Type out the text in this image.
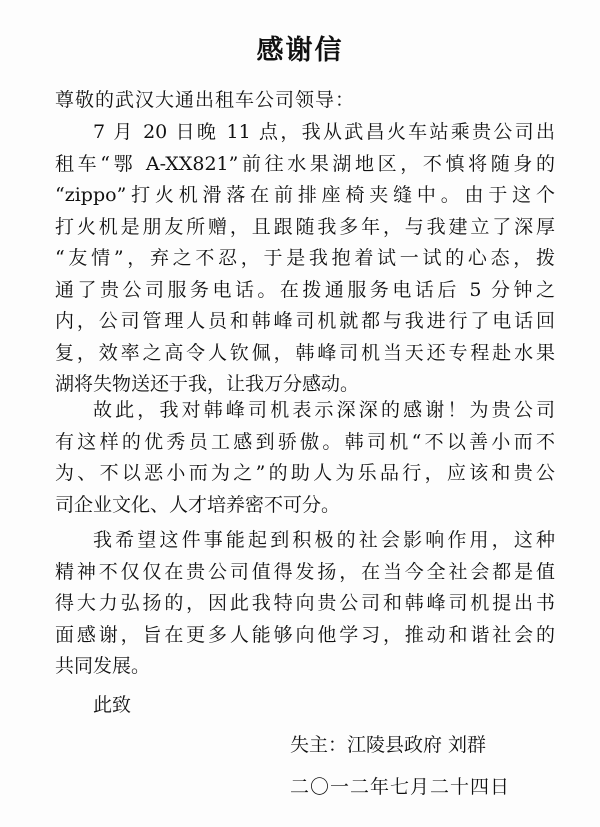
感谢信
尊敬的武汉大通出租车公司领导：
7 月 20 日晚 11 点，我从武昌火车站乘贵公司出
租车“鄂 A-XX821”前往水果湖地区，不慎将随身的
“zippo”打火机滑落在前排座椅夹缝中。由于这个
打火机是朋友所赠，且跟随我多年，与我建立了深厚
“友情”，弃之不忍，于是我抱着试一试的心态，拨
通了贵公司服务电话。在拨通服务电话后 5 分钟之
内，公司管理人员和韩峰司机就都与我进行了电话回
复，效率之高令人钦佩，韩峰司机当天还专程赴水果
湖将失物送还于我，让我万分感动。
故此，我对韩峰司机表示深深的感谢！为贵公司
有这样的优秀员工感到骄傲。韩司机“不以善小而不
为、不以恶小而为之”的助人为乐品行，应该和贵公
司企业文化、人才培养密不可分。
我希望这件事能起到积极的社会影响作用，这种
精神不仅仅在贵公司值得发扬，在当今全社会都是值
得大力弘扬的，因此我特向贵公司和韩峰司机提出书
面感谢，旨在更多人能够向他学习，推动和谐社会的
共同发展。
此致
失主：江陵县政府 刘群
二〇一二年七月二十四日
